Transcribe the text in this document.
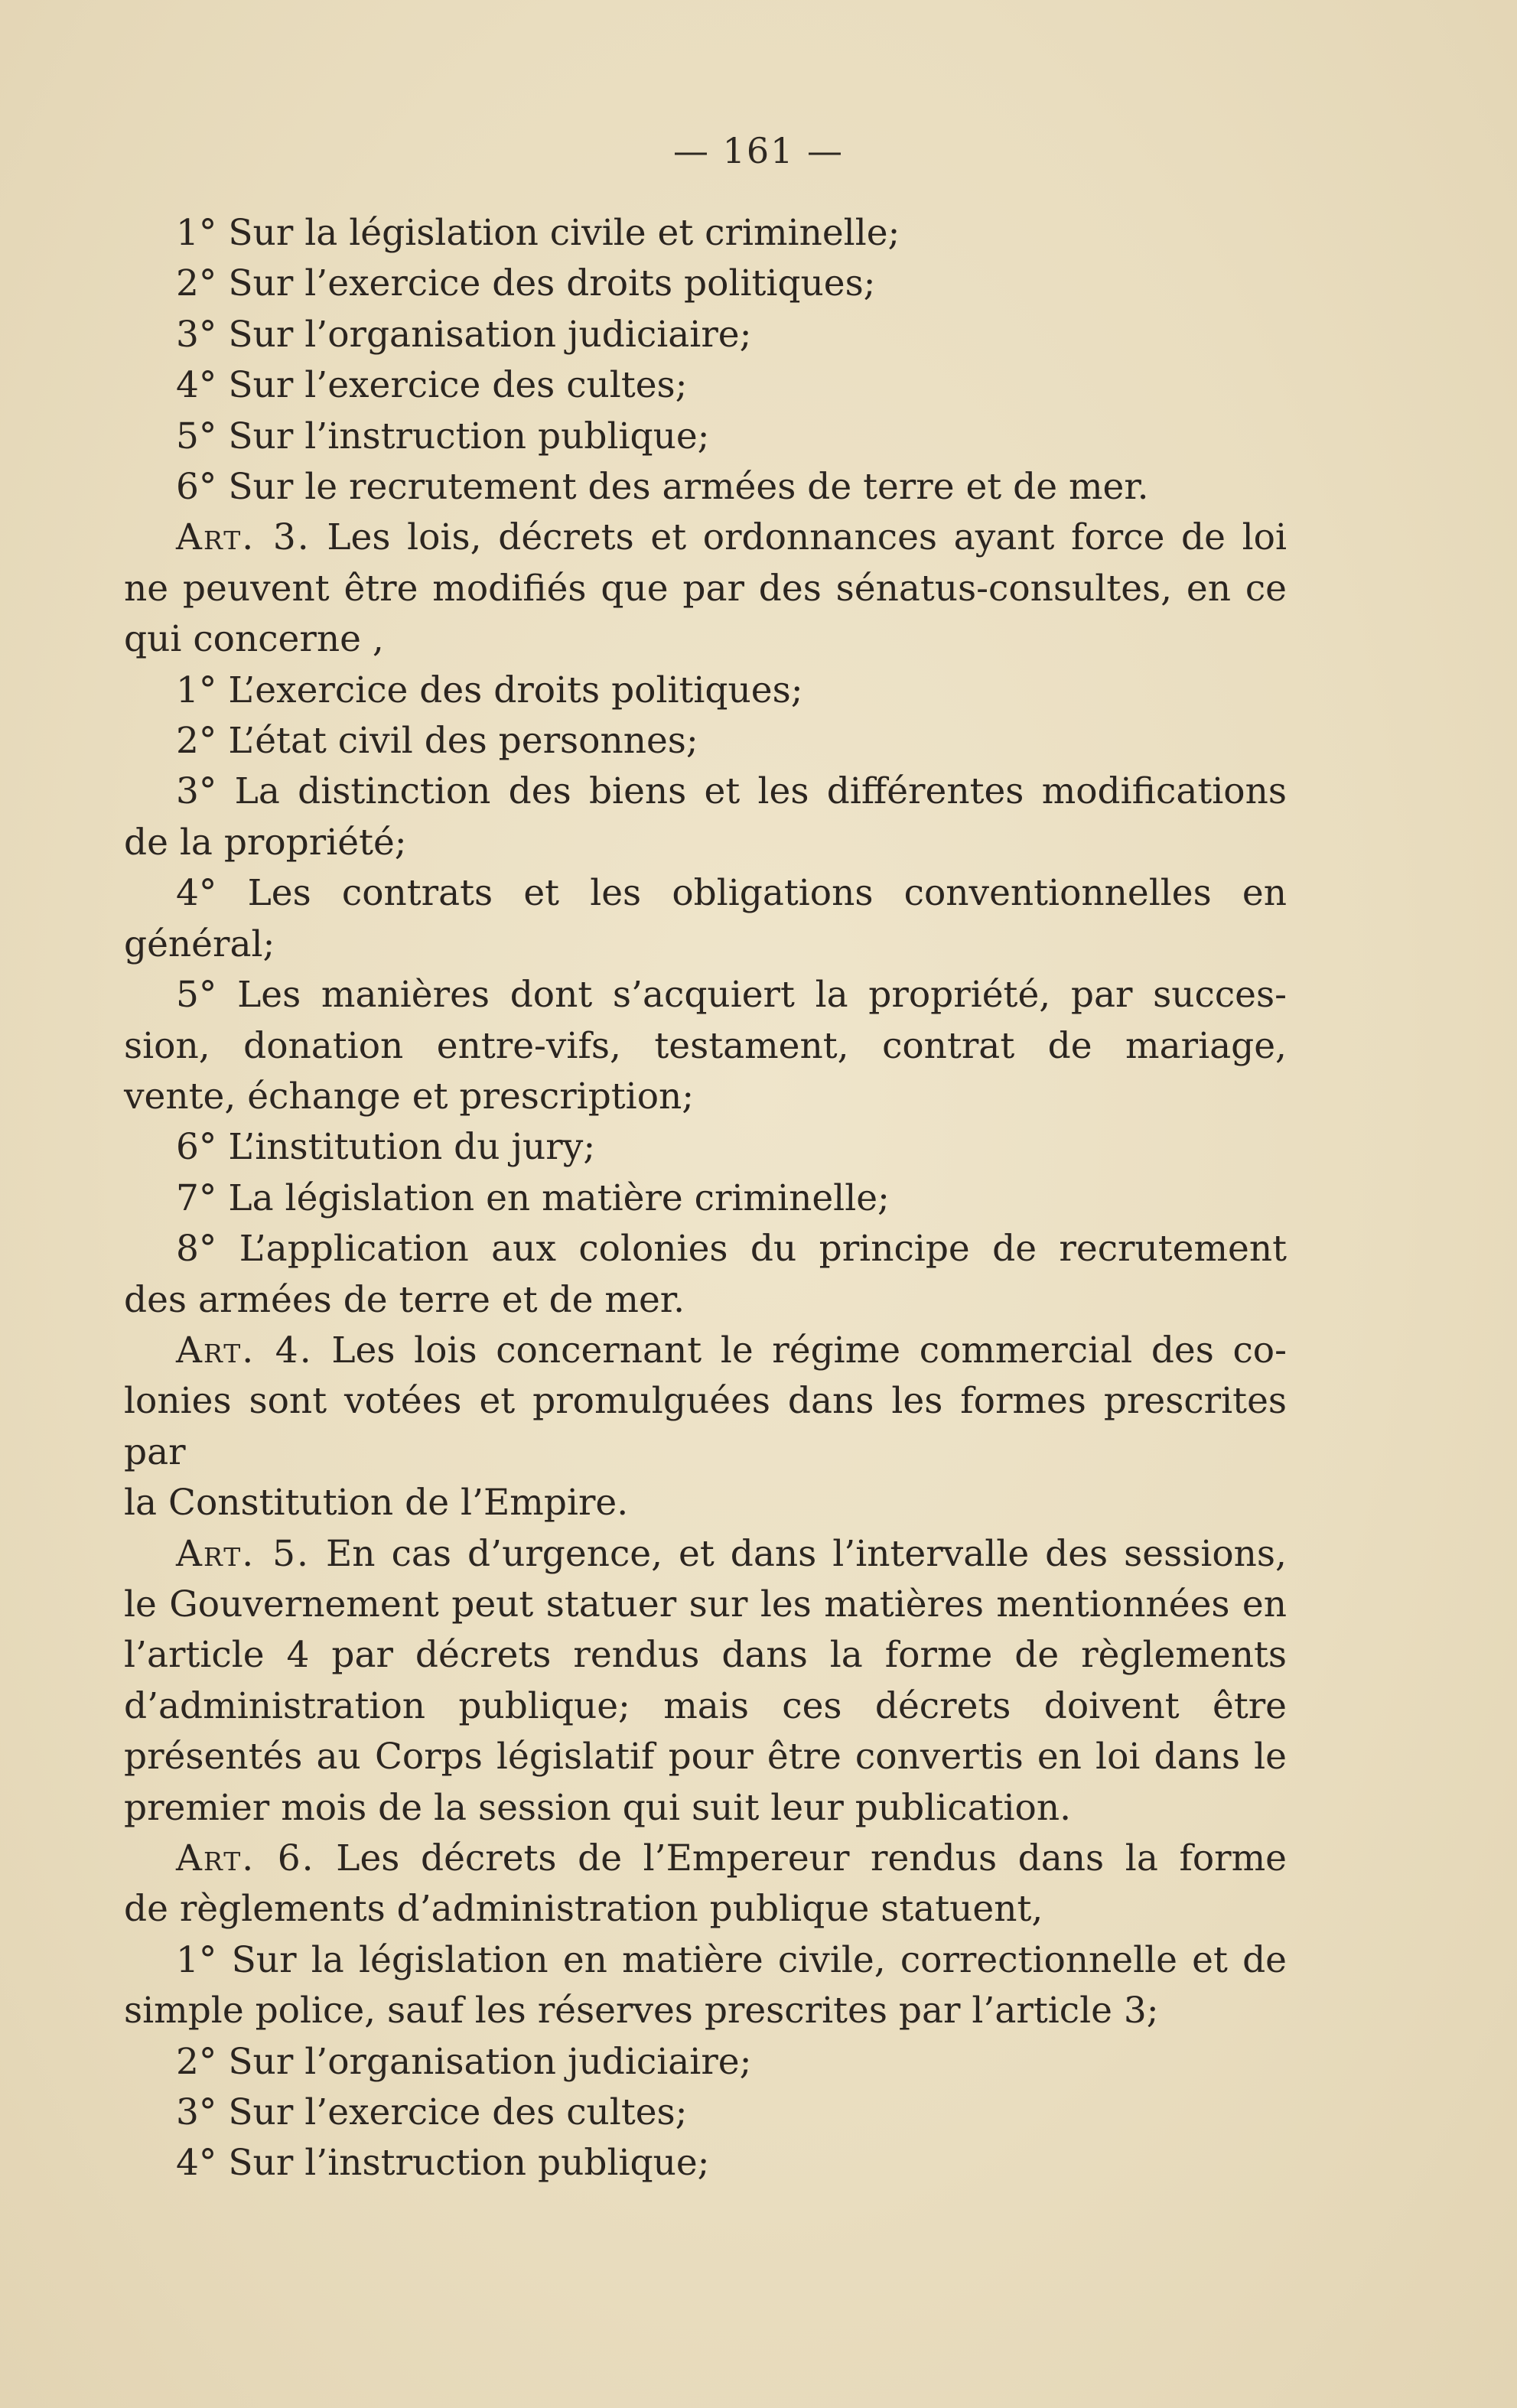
— 161 —
1° Sur la législation civile et criminelle;
2° Sur l’exercice des droits politiques;
3° Sur l’organisation judiciaire;
4° Sur l’exercice des cultes;
5° Sur l’instruction publique;
6° Sur le recrutement des armées de terre et de mer.
Art. 3. Les lois, décrets et ordonnances ayant force de loi
ne peuvent être modifiés que par des sénatus-consultes, en ce
qui concerne ,
1° L’exercice des droits politiques;
2° L’état civil des personnes;
3° La distinction des biens et les différentes modifications
de la propriété;
4° Les contrats et les obligations conventionnelles en
général;
5° Les manières dont s’acquiert la propriété, par succes-
sion, donation entre-vifs, testament, contrat de mariage,
vente, échange et prescription;
6° L’institution du jury;
7° La législation en matière criminelle;
8° L’application aux colonies du principe de recrutement
des armées de terre et de mer.
Art. 4. Les lois concernant le régime commercial des co-
lonies sont votées et promulguées dans les formes prescrites par
la Constitution de l’Empire.
Art. 5. En cas d’urgence, et dans l’intervalle des sessions,
le Gouvernement peut statuer sur les matières mentionnées en
l’article 4 par décrets rendus dans la forme de règlements
d’administration publique; mais ces décrets doivent être
présentés au Corps législatif pour être convertis en loi dans le
premier mois de la session qui suit leur publication.
Art. 6. Les décrets de l’Empereur rendus dans la forme
de règlements d’administration publique statuent,
1° Sur la législation en matière civile, correctionnelle et de
simple police, sauf les réserves prescrites par l’article 3;
2° Sur l’organisation judiciaire;
3° Sur l’exercice des cultes;
4° Sur l’instruction publique;
